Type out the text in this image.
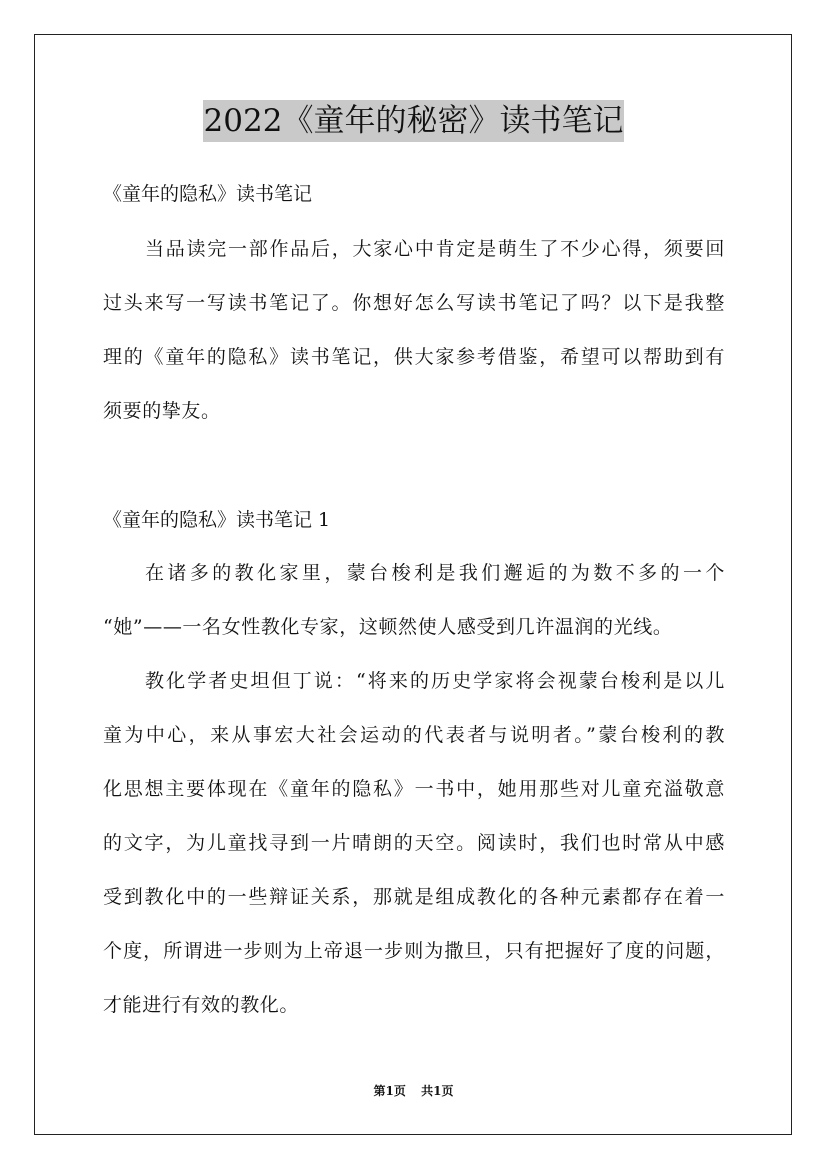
2022《童年的秘密》读书笔记
《童年的隐私》读书笔记
当品读完一部作品后，大家心中肯定是萌生了不少心得，须要回
过头来写一写读书笔记了。你想好怎么写读书笔记了吗？以下是我整
理的《童年的隐私》读书笔记，供大家参考借鉴，希望可以帮助到有
须要的挚友。
《童年的隐私》读书笔记 1
在诸多的教化家里，蒙台梭利是我们邂逅的为数不多的一个
“她”——一名女性教化专家，这顿然使人感受到几许温润的光线。
教化学者史坦但丁说：“将来的历史学家将会视蒙台梭利是以儿
童为中心，来从事宏大社会运动的代表者与说明者。”蒙台梭利的教
化思想主要体现在《童年的隐私》一书中，她用那些对儿童充溢敬意
的文字，为儿童找寻到一片晴朗的天空。阅读时，我们也时常从中感
受到教化中的一些辩证关系，那就是组成教化的各种元素都存在着一
个度，所谓进一步则为上帝退一步则为撒旦，只有把握好了度的问题，
才能进行有效的教化。
第1页 共1页
